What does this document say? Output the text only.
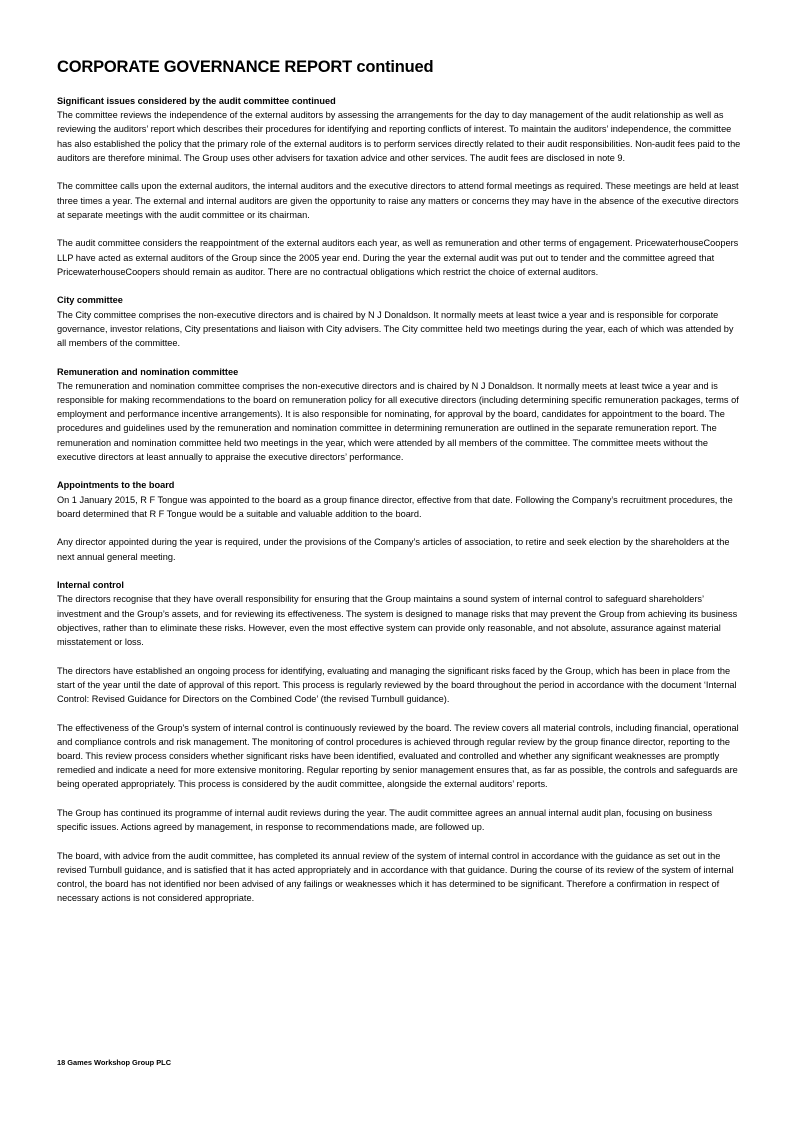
CORPORATE GOVERNANCE REPORT continued

Significant issues considered by the audit committee continued

The committee reviews the independence of the external auditors by assessing the arrangements for the day to day management of the audit relationship as well as reviewing the auditors’ report which describes their procedures for identifying and reporting conflicts of interest. To maintain the auditors’ independence, the committee has also established the policy that the primary role of the external auditors is to perform services directly related to their audit responsibilities. Non-audit fees paid to the auditors are therefore minimal. The Group uses other advisers for taxation advice and other services. The audit fees are disclosed in note 9.

The committee calls upon the external auditors, the internal auditors and the executive directors to attend formal meetings as required. These meetings are held at least three times a year. The external and internal auditors are given the opportunity to raise any matters or concerns they may have in the absence of the executive directors at separate meetings with the audit committee or its chairman.

The audit committee considers the reappointment of the external auditors each year, as well as remuneration and other terms of engagement. PricewaterhouseCoopers LLP have acted as external auditors of the Group since the 2005 year end. During the year the external audit was put out to tender and the committee agreed that PricewaterhouseCoopers should remain as auditor. There are no contractual obligations which restrict the choice of external auditors.

City committee

The City committee comprises the non-executive directors and is chaired by N J Donaldson. It normally meets at least twice a year and is responsible for corporate governance, investor relations, City presentations and liaison with City advisers. The City committee held two meetings during the year, each of which was attended by all members of the committee.

Remuneration and nomination committee

The remuneration and nomination committee comprises the non-executive directors and is chaired by N J Donaldson. It normally meets at least twice a year and is responsible for making recommendations to the board on remuneration policy for all executive directors (including determining specific remuneration packages, terms of employment and performance incentive arrangements). It is also responsible for nominating, for approval by the board, candidates for appointment to the board. The procedures and guidelines used by the remuneration and nomination committee in determining remuneration are outlined in the separate remuneration report. The remuneration and nomination committee held two meetings in the year, which were attended by all members of the committee. The committee meets without the executive directors at least annually to appraise the executive directors’ performance.

Appointments to the board

On 1 January 2015, R F Tongue was appointed to the board as a group finance director, effective from that date. Following the Company’s recruitment procedures, the board determined that R F Tongue would be a suitable and valuable addition to the board.

Any director appointed during the year is required, under the provisions of the Company’s articles of association, to retire and seek election by the shareholders at the next annual general meeting.

Internal control

The directors recognise that they have overall responsibility for ensuring that the Group maintains a sound system of internal control to safeguard shareholders’ investment and the Group’s assets, and for reviewing its effectiveness. The system is designed to manage risks that may prevent the Group from achieving its business objectives, rather than to eliminate these risks. However, even the most effective system can provide only reasonable, and not absolute, assurance against material misstatement or loss.

The directors have established an ongoing process for identifying, evaluating and managing the significant risks faced by the Group, which has been in place from the start of the year until the date of approval of this report. This process is regularly reviewed by the board throughout the period in accordance with the document ‘Internal Control: Revised Guidance for Directors on the Combined Code’ (the revised Turnbull guidance).

The effectiveness of the Group's system of internal control is continuously reviewed by the board. The review covers all material controls, including financial, operational and compliance controls and risk management. The monitoring of control procedures is achieved through regular review by the group finance director, reporting to the board. This review process considers whether significant risks have been identified, evaluated and controlled and whether any significant weaknesses are promptly remedied and indicate a need for more extensive monitoring. Regular reporting by senior management ensures that, as far as possible, the controls and safeguards are being operated appropriately. This process is considered by the audit committee, alongside the external auditors’ reports.

The Group has continued its programme of internal audit reviews during the year. The audit committee agrees an annual internal audit plan, focusing on business specific issues. Actions agreed by management, in response to recommendations made, are followed up.

The board, with advice from the audit committee, has completed its annual review of the system of internal control in accordance with the guidance as set out in the revised Turnbull guidance, and is satisfied that it has acted appropriately and in accordance with that guidance. During the course of its review of the system of internal control, the board has not identified nor been advised of any failings or weaknesses which it has determined to be significant. Therefore a confirmation in respect of necessary actions is not considered appropriate.

18 Games Workshop Group PLC
